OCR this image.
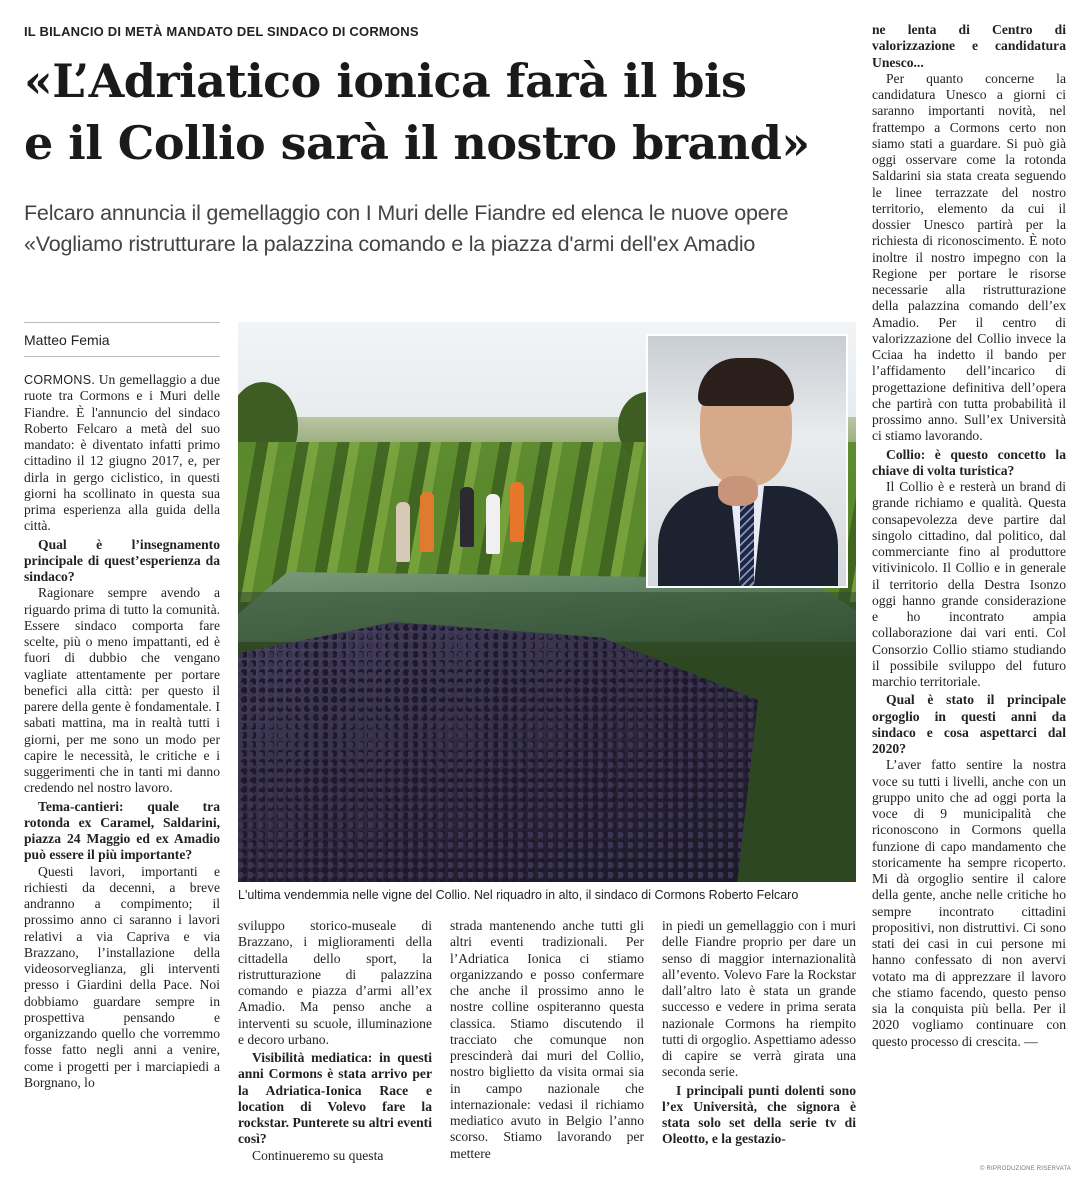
IL BILANCIO DI METÀ MANDATO DEL SINDACO DI CORMONS
«L’Adriatico ionica farà il bis
e il Collio sarà il nostro brand»
Felcaro annuncia il gemellaggio con I Muri delle Fiandre ed elenca le nuove opere
«Vogliamo ristrutturare la palazzina comando e la piazza d'armi dell'ex Amadio
Matteo Femia

CORMONS. Un gemellaggio a due ruote tra Cormons e i Muri delle Fiandre. È l'annuncio del sindaco Roberto Felcaro a metà del suo mandato: è diventato infatti primo cittadino il 12 giugno 2017, e, per dirla in gergo ciclistico, in questi giorni ha scollinato in questa sua prima esperienza alla guida della città.

Qual è l’insegnamento principale di quest’esperienza da sindaco?

Ragionare sempre avendo a riguardo prima di tutto la comunità. Essere sindaco comporta fare scelte, più o meno impattanti, ed è fuori di dubbio che vengano vagliate attentamente per portare benefici alla città: per questo il parere della gente è fondamentale. I sabati mattina, ma in realtà tutti i giorni, per me sono un modo per capire le necessità, le critiche e i suggerimenti che in tanti mi danno credendo nel nostro lavoro.

Tema-cantieri: quale tra rotonda ex Caramel, Saldarini, piazza 24 Maggio ed ex Amadio può essere il più importante?

Questi lavori, importanti e richiesti da decenni, a breve andranno a compimento; il prossimo anno ci saranno i lavori relativi a via Capriva e via Brazzano, l’installazione della videosorveglianza, gli interventi presso i Giardini della Pace. Noi dobbiamo guardare sempre in prospettiva pensando e organizzando quello che vorremmo fosse fatto negli anni a venire, come i progetti per i marciapiedi a Borgnano, lo

L'ultima vendemmia nelle vigne del Collio. Nel riquadro in alto, il sindaco di Cormons Roberto Felcaro

sviluppo storico-museale di Brazzano, i miglioramenti della cittadella dello sport, la ristrutturazione di palazzina comando e piazza d’armi all’ex Amadio. Ma penso anche a interventi su scuole, illuminazione e decoro urbano.

Visibilità mediatica: in questi anni Cormons è stata arrivo per la Adriatica-Ionica Race e location di Volevo fare la rockstar. Punterete su altri eventi così?

Continueremo su questa

strada mantenendo anche tutti gli altri eventi tradizionali. Per l’Adriatica Ionica ci stiamo organizzando e posso confermare che anche il prossimo anno le nostre colline ospiteranno questa classica. Stiamo discutendo il tracciato che comunque non prescinderà dai muri del Collio, nostro biglietto da visita ormai sia in campo nazionale che internazionale: vedasi il richiamo mediatico avuto in Belgio l’anno scorso. Stiamo lavorando per mettere

in piedi un gemellaggio con i muri delle Fiandre proprio per dare un senso di maggior internazionalità all’evento. Volevo Fare la Rockstar dall’altro lato è stata un grande successo e vedere in prima serata nazionale Cormons ha riempito tutti di orgoglio. Aspettiamo adesso di capire se verrà girata una seconda serie.

I principali punti dolenti sono l’ex Università, che signora è stata solo set della serie tv di Oleotto, e la gestazio-

ne lenta di Centro di valorizzazione e candidatura Unesco...

Per quanto concerne la candidatura Unesco a giorni ci saranno importanti novità, nel frattempo a Cormons certo non siamo stati a guardare. Si può già oggi osservare come la rotonda Saldarini sia stata creata seguendo le linee terrazzate del nostro territorio, elemento da cui il dossier Unesco partirà per la richiesta di riconoscimento. È noto inoltre il nostro impegno con la Regione per portare le risorse necessarie alla ristrutturazione della palazzina comando dell’ex Amadio. Per il centro di valorizzazione del Collio invece la Cciaa ha indetto il bando per l’affidamento dell’incarico di progettazione definitiva dell’opera che partirà con tutta probabilità il prossimo anno. Sull’ex Università ci stiamo lavorando.

Collio: è questo concetto la chiave di volta turistica?

Il Collio è e resterà un brand di grande richiamo e qualità. Questa consapevolezza deve partire dal singolo cittadino, dal politico, dal commerciante fino al produttore vitivinicolo. Il Collio e in generale il territorio della Destra Isonzo oggi hanno grande considerazione e ho incontrato ampia collaborazione dai vari enti. Col Consorzio Collio stiamo studiando il possibile sviluppo del futuro marchio territoriale.

Qual è stato il principale orgoglio in questi anni da sindaco e cosa aspettarci dal 2020?

L’aver fatto sentire la nostra voce su tutti i livelli, anche con un gruppo unito che ad oggi porta la voce di 9 municipalità che riconoscono in Cormons quella funzione di capo mandamento che storicamente ha sempre ricoperto. Mi dà orgoglio sentire il calore della gente, anche nelle critiche ho sempre incontrato cittadini propositivi, non distruttivi. Ci sono stati dei casi in cui persone mi hanno confessato di non avervi votato ma di apprezzare il lavoro che stiamo facendo, questo penso sia la conquista più bella. Per il 2020 vogliamo continuare con questo processo di crescita. —

© RIPRODUZIONE RISERVATA
